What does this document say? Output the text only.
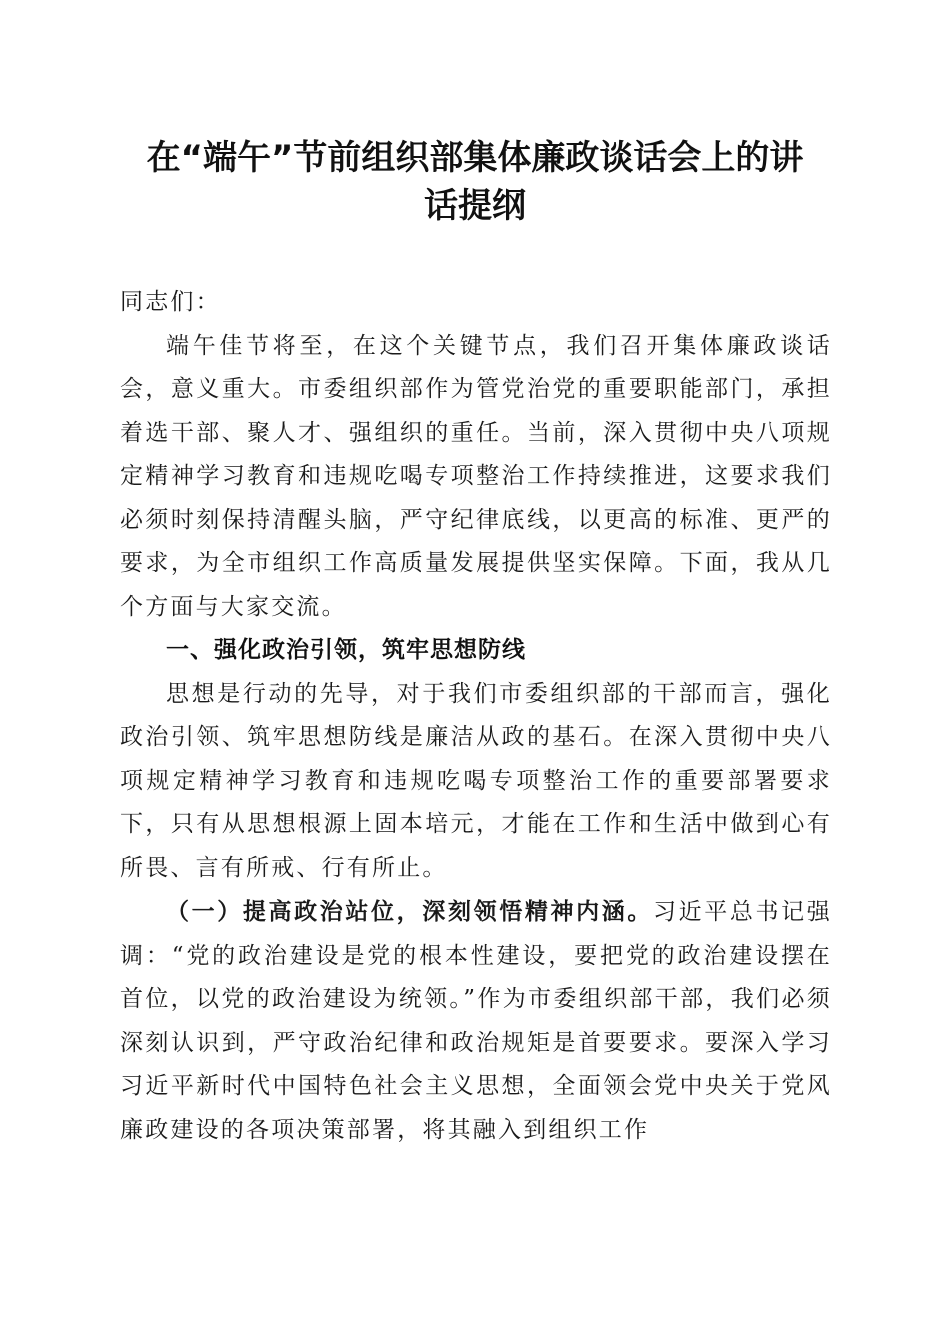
在“端午”节前组织部集体廉政谈话会上的讲
话提纲

同志们：

端午佳节将至，在这个关键节点，我们召开集体廉政谈话会，意义重大。市委组织部作为管党治党的重要职能部门，承担着选干部、聚人才、强组织的重任。当前，深入贯彻中央八项规定精神学习教育和违规吃喝专项整治工作持续推进，这要求我们必须时刻保持清醒头脑，严守纪律底线，以更高的标准、更严的要求，为全市组织工作高质量发展提供坚实保障。下面，我从几个方面与大家交流。

一、强化政治引领，筑牢思想防线

思想是行动的先导，对于我们市委组织部的干部而言，强化政治引领、筑牢思想防线是廉洁从政的基石。在深入贯彻中央八项规定精神学习教育和违规吃喝专项整治工作的重要部署要求下，只有从思想根源上固本培元，才能在工作和生活中做到心有所畏、言有所戒、行有所止。

（一）提高政治站位，深刻领悟精神内涵。习近平总书记强调：“党的政治建设是党的根本性建设，要把党的政治建设摆在首位，以党的政治建设为统领。”作为市委组织部干部，我们必须深刻认识到，严守政治纪律和政治规矩是首要要求。要深入学习习近平新时代中国特色社会主义思想，全面领会党中央关于党风廉政建设的各项决策部署，将其融入到组织工作
